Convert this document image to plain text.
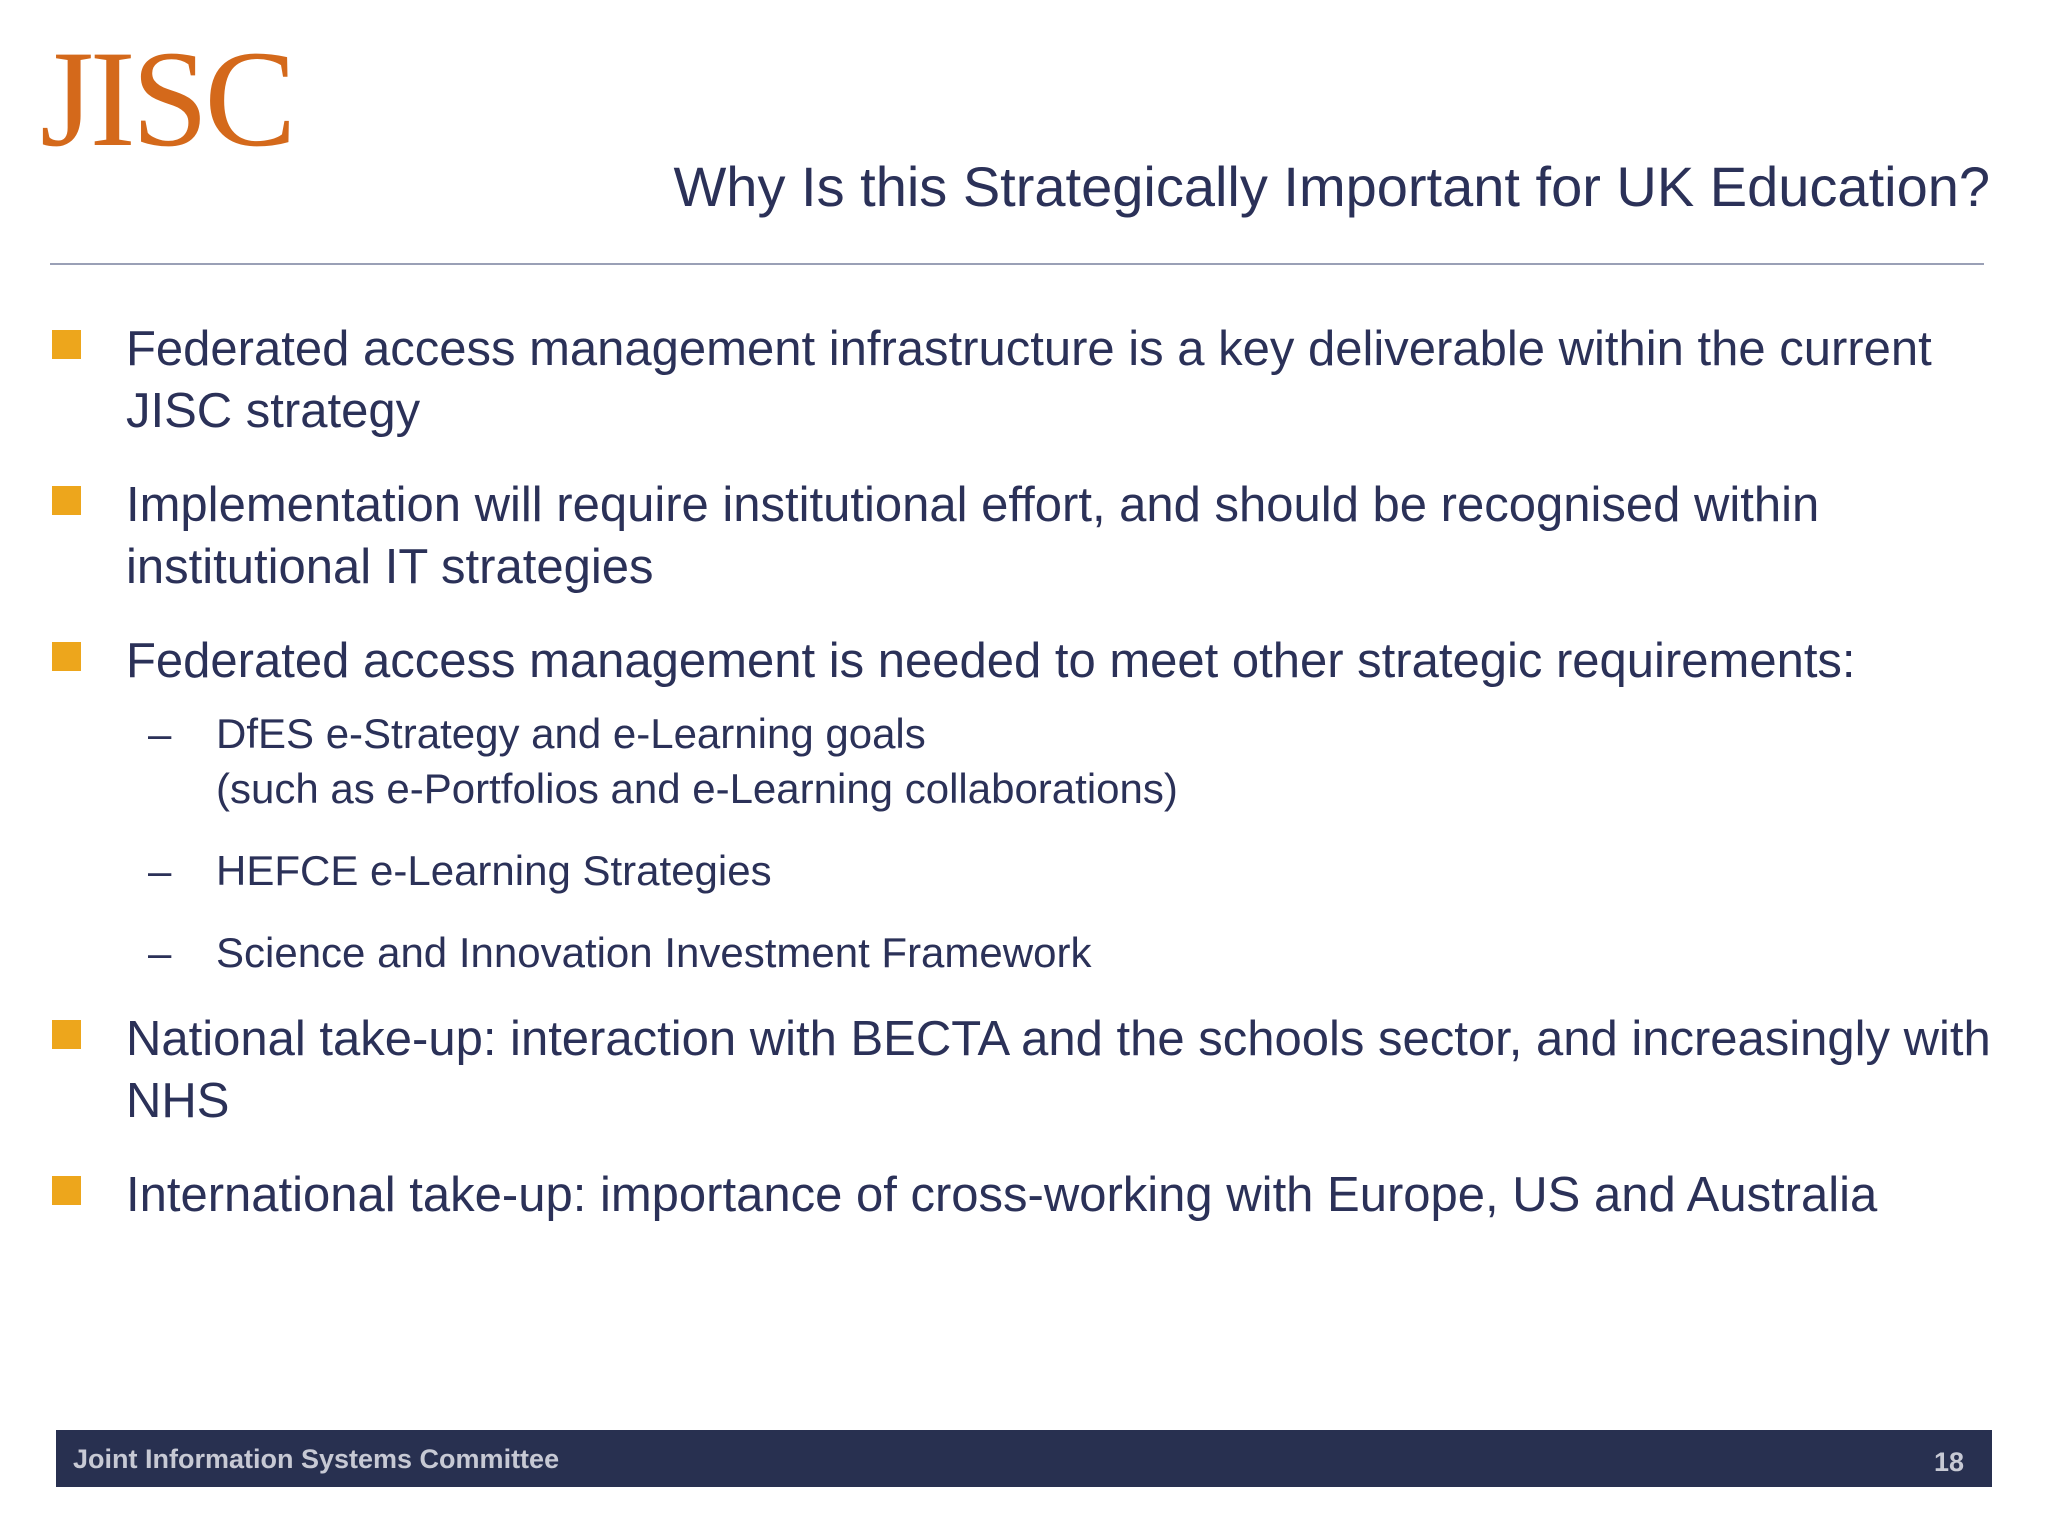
JISC
Why Is this Strategically Important for UK Education?
Federated access management infrastructure is a key deliverable within the current JISC strategy
Implementation will require institutional effort, and should be recognised within institutional IT strategies
Federated access management is needed to meet other strategic requirements:
– DfES e-Strategy and e-Learning goals
(such as e-Portfolios and e-Learning collaborations)
– HEFCE e-Learning Strategies
– Science and Innovation Investment Framework
National take-up: interaction with BECTA and the schools sector, and increasingly with NHS
International take-up: importance of cross-working with Europe, US and Australia
Joint Information Systems Committee	18
